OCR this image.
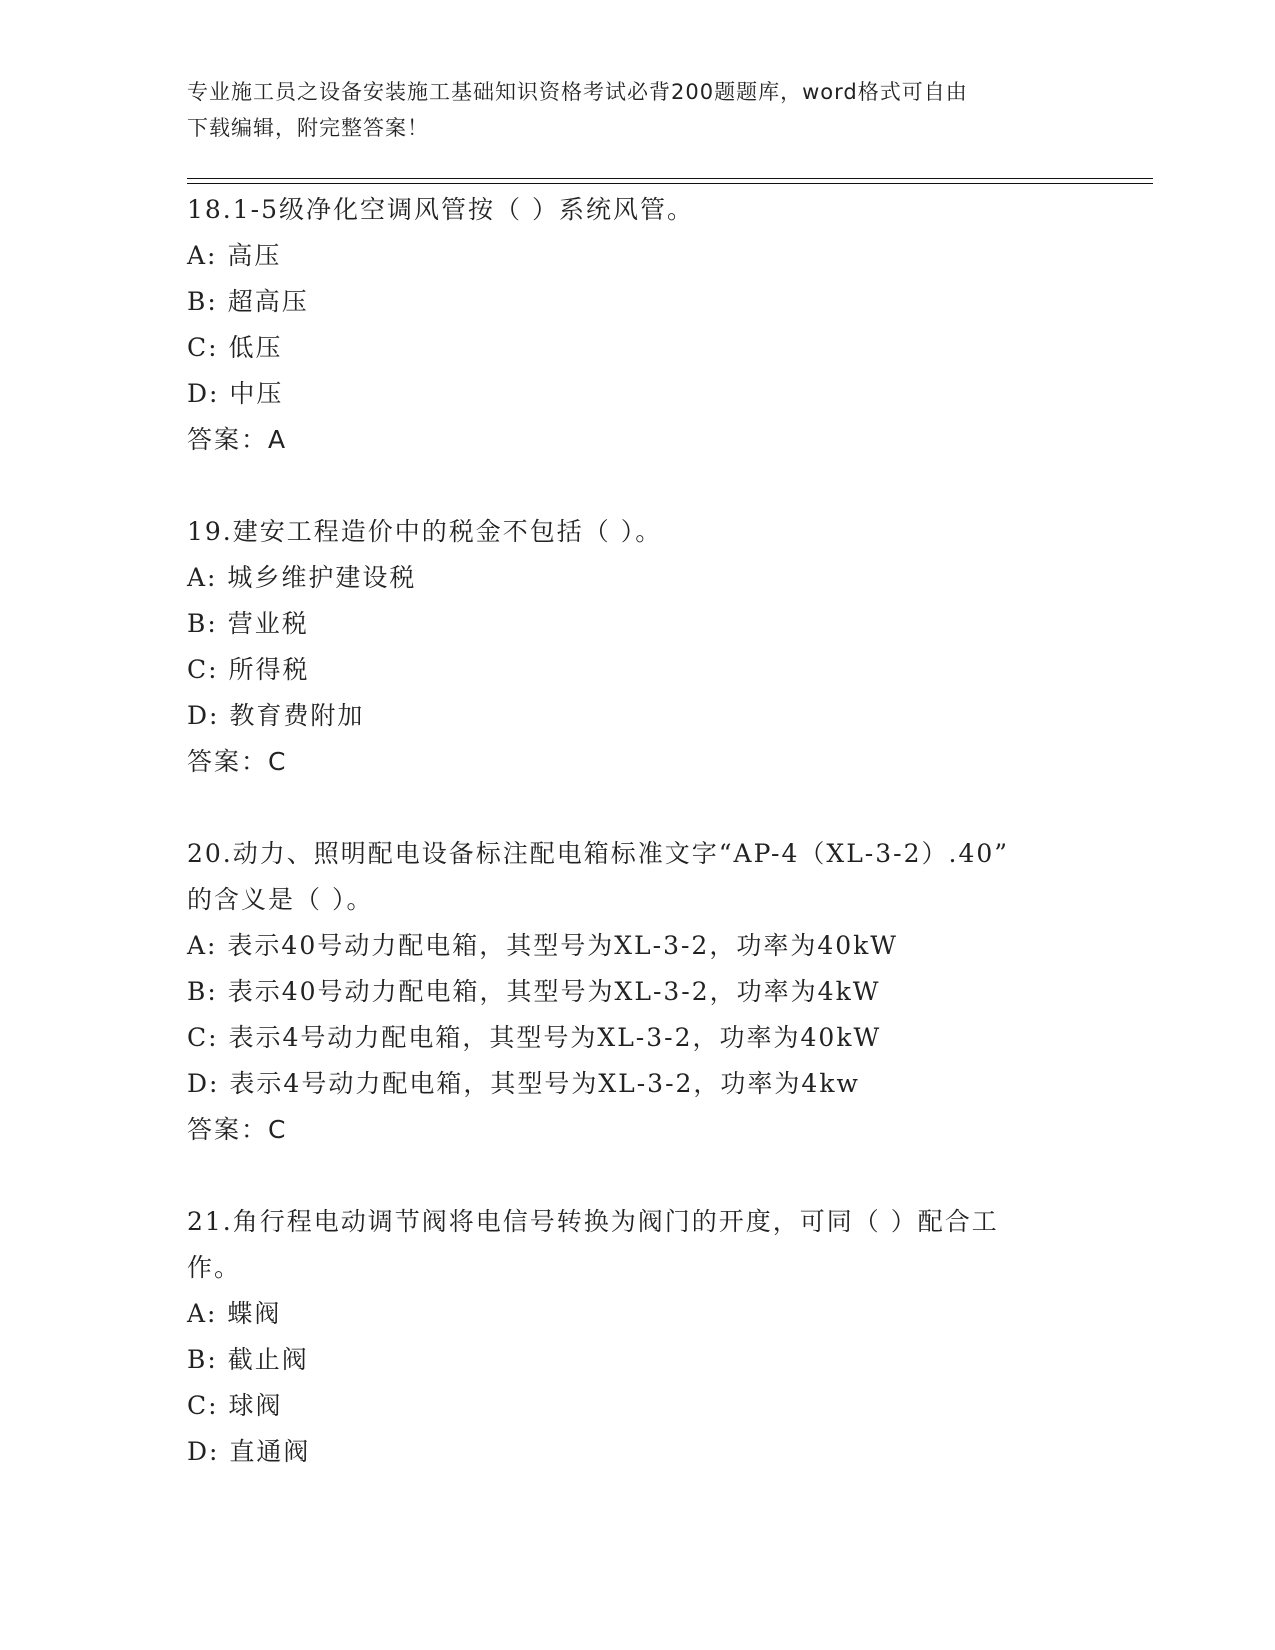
专业施工员之设备安装施工基础知识资格考试必背200题题库，word格式可自由
下载编辑，附完整答案！
18.1-5级净化空调风管按（ ）系统风管。
A: 高压
B: 超高压
C: 低压
D: 中压
答案：A
19.建安工程造价中的税金不包括（ ）。
A: 城乡维护建设税
B: 营业税
C: 所得税
D: 教育费附加
答案：C
20.动力、照明配电设备标注配电箱标准文字“AP-4（XL-3-2）.40”
的含义是（ ）。
A: 表示40号动力配电箱，其型号为XL-3-2，功率为40kW
B: 表示40号动力配电箱，其型号为XL-3-2，功率为4kW
C: 表示4号动力配电箱，其型号为XL-3-2，功率为40kW
D: 表示4号动力配电箱，其型号为XL-3-2，功率为4kw
答案：C
21.角行程电动调节阀将电信号转换为阀门的开度，可同（ ）配合工
作。
A: 蝶阀
B: 截止阀
C: 球阀
D: 直通阀
